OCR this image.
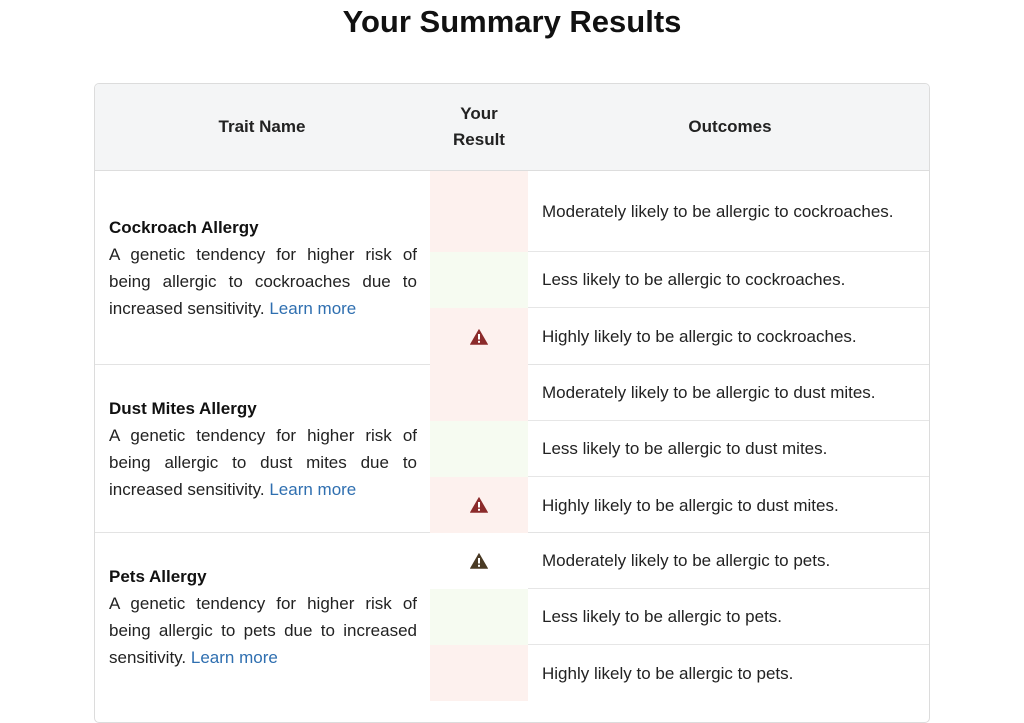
Your Summary Results
Trait Name
Your
Result
Outcomes
Cockroach Allergy
A genetic tendency for higher risk of being allergic to cockroaches due to increased sensitivity. Learn more
Moderately likely to be allergic to cockroaches.
Less likely to be allergic to cockroaches.
Highly likely to be allergic to cockroaches.
Dust Mites Allergy
A genetic tendency for higher risk of being allergic to dust mites due to increased sensitivity. Learn more
Moderately likely to be allergic to dust mites.
Less likely to be allergic to dust mites.
Highly likely to be allergic to dust mites.
Pets Allergy
A genetic tendency for higher risk of being allergic to pets due to increased sensitivity. Learn more
Moderately likely to be allergic to pets.
Less likely to be allergic to pets.
Highly likely to be allergic to pets.
